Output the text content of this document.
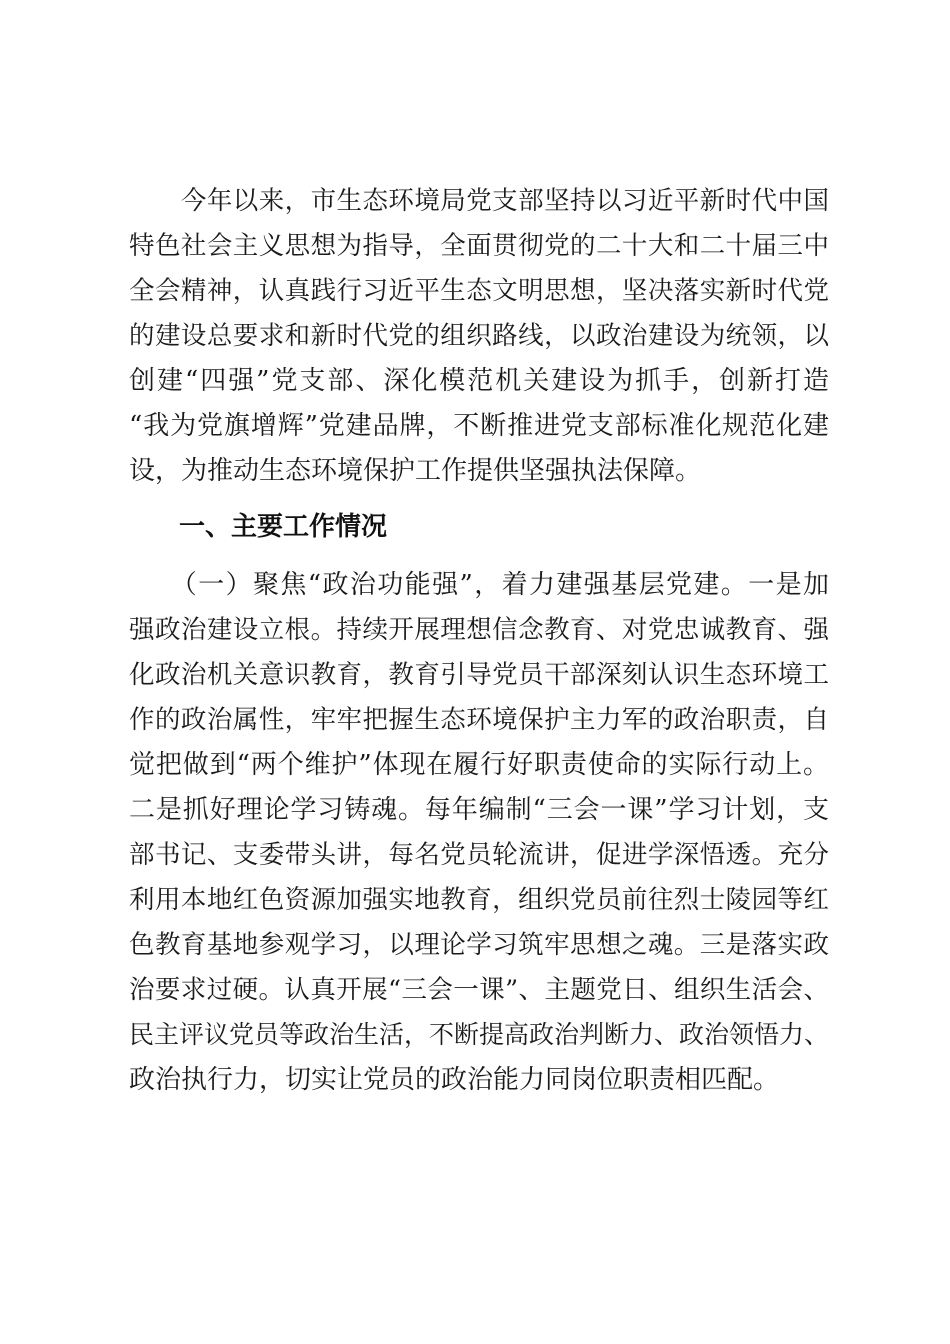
　　今年以来，市生态环境局党支部坚持以习近平新时代中国

特色社会主义思想为指导，全面贯彻党的二十大和二十届三中

全会精神，认真践行习近平生态文明思想，坚决落实新时代党

的建设总要求和新时代党的组织路线，以政治建设为统领，以

创建“四强”党支部、深化模范机关建设为抓手，创新打造

“我为党旗增辉”党建品牌，不断推进党支部标准化规范化建

设，为推动生态环境保护工作提供坚强执法保障。

一、主要工作情况

　　（一）聚焦“政治功能强”，着力建强基层党建。一是加

强政治建设立根。持续开展理想信念教育、对党忠诚教育、强

化政治机关意识教育，教育引导党员干部深刻认识生态环境工

作的政治属性，牢牢把握生态环境保护主力军的政治职责，自

觉把做到“两个维护”体现在履行好职责使命的实际行动上。

二是抓好理论学习铸魂。每年编制“三会一课”学习计划，支

部书记、支委带头讲，每名党员轮流讲，促进学深悟透。充分

利用本地红色资源加强实地教育，组织党员前往烈士陵园等红

色教育基地参观学习，以理论学习筑牢思想之魂。三是落实政

治要求过硬。认真开展“三会一课”、主题党日、组织生活会、

民主评议党员等政治生活，不断提高政治判断力、政治领悟力、

政治执行力，切实让党员的政治能力同岗位职责相匹配。
